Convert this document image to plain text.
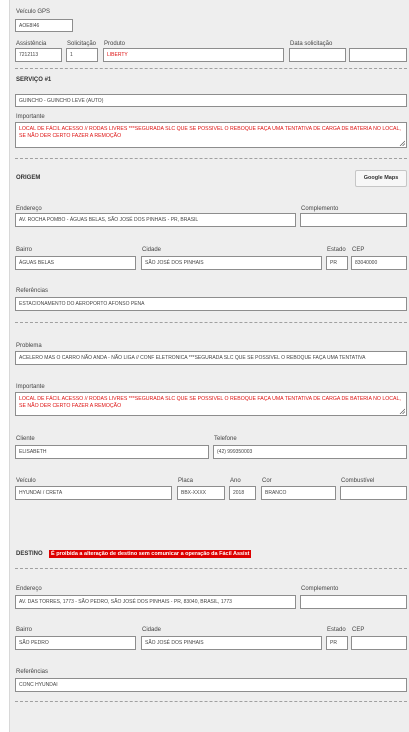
Veículo GPS
AOE8I46
Assistência	Solicitação Produto	Data solicitação
7212113	1	LIBERTY
SERVIÇO #1
GUINCHO - GUINCHO LEVE (AUTO)
Importante
LOCAL DE FÁCIL ACESSO // RODAS LIVRES ***SEGURADA SLC QUE SE POSSIVEL O REBOQUE FAÇA UMA TENTATIVA DE CARGA DE BATERIA NO LOCAL, SE NÃO DER CERTO FAZER A REMOÇÃO
ORIGEM	Google Maps
Endereço	Complemento
AV. ROCHA POMBO - ÁGUAS BELAS, SÃO JOSÉ DOS PINHAIS - PR, BRASIL
Bairro	Cidade	Estado CEP
ÁGUAS BELAS	SÃO JOSÉ DOS PINHAIS	PR	83040000
Referências
ESTACIONAMENTO DO AEROPORTO AFONSO PENA
Problema
ACELERO MAS O CARRO NÃO ANDA - NÃO LIGA // CONF ELETRONICA ***SEGURADA SLC QUE SE POSSIVEL O REBOQUE FAÇA UMA TENTATIVA
Importante
LOCAL DE FÁCIL ACESSO // RODAS LIVRES ***SEGURADA SLC QUE SE POSSIVEL O REBOQUE FAÇA UMA TENTATIVA DE CARGA DE BATERIA NO LOCAL, SE NÃO DER CERTO FAZER A REMOÇÃO
Cliente	Telefone
ELISABETH	(42) 999350003
Veículo	Placa	Ano	Cor	Combustível
HYUNDAI / CRETA	BBX-XXXX	2018	BRANCO
DESTINO	É proibida a alteração de destino sem comunicar a operação da Fácil Assist
Endereço	Complemento
AV. DAS TORRES, 1773 - SÃO PEDRO, SÃO JOSÉ DOS PINHAIS - PR, 83040, BRASIL, 1773
Bairro	Cidade	Estado CEP
SÃO PEDRO	SÃO JOSÉ DOS PINHAIS	PR
Referências
CONC HYUNDAI
